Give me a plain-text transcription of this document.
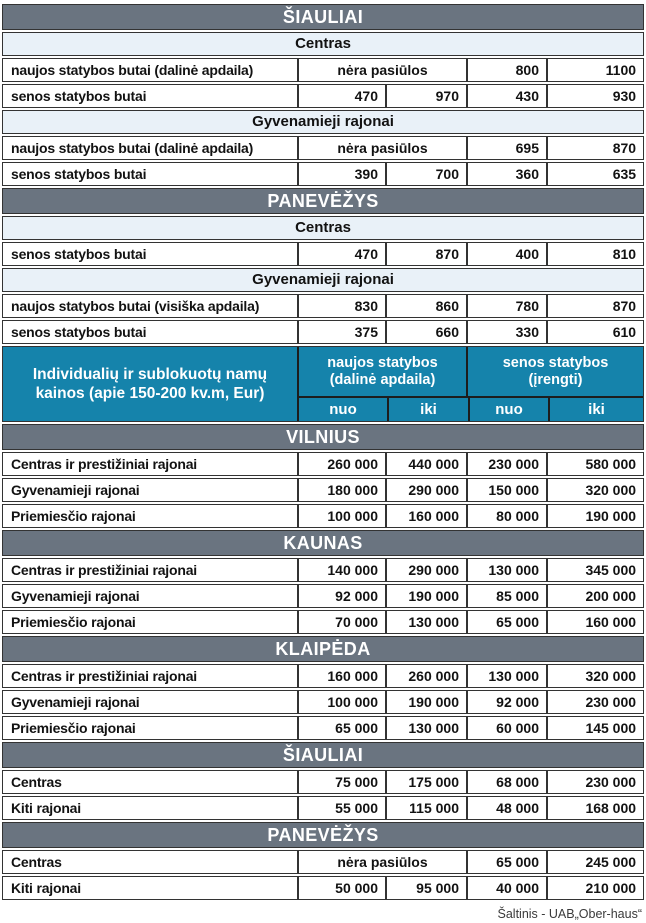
ŠIAULIAI				
Centras				
naujos statybos butai (dalinė apdaila)	nėra pasiūlos		800	1100
senos statybos butai	470	970	430	930
Gyvenamieji rajonai				
naujos statybos butai (dalinė apdaila)	nėra pasiūlos		695	870
senos statybos butai	390	700	360	635
PANEVĖŽYS				
Centras				
senos statybos butai	470	870	400	810
Gyvenamieji rajonai				
naujos statybos butai (visiška apdaila)	830	860	780	870
senos statybos butai	375	660	330	610

Individualių ir sublokuotų namų kainos (apie 150-200 kv.m, Eur)
naujos statybos (dalinė apdaila)
senos statybos (įrengti)
nuo	iki	nuo	iki

VILNIUS				
Centras ir prestižiniai rajonai	260 000	440 000	230 000	580 000
Gyvenamieji rajonai	180 000	290 000	150 000	320 000
Priemiesčio rajonai	100 000	160 000	80 000	190 000
KAUNAS				
Centras ir prestižiniai rajonai	140 000	290 000	130 000	345 000
Gyvenamieji rajonai	92 000	190 000	85 000	200 000
Priemiesčio rajonai	70 000	130 000	65 000	160 000
KLAIPĖDA				
Centras ir prestižiniai rajonai	160 000	260 000	130 000	320 000
Gyvenamieji rajonai	100 000	190 000	92 000	230 000
Priemiesčio rajonai	65 000	130 000	60 000	145 000
ŠIAULIAI				
Centras	75 000	175 000	68 000	230 000
Kiti rajonai	55 000	115 000	48 000	168 000
PANEVĖŽYS				
Centras	nėra pasiūlos		65 000	245 000
Kiti rajonai	50 000	95 000	40 000	210 000
Šaltinis - UAB„Ober-haus“
